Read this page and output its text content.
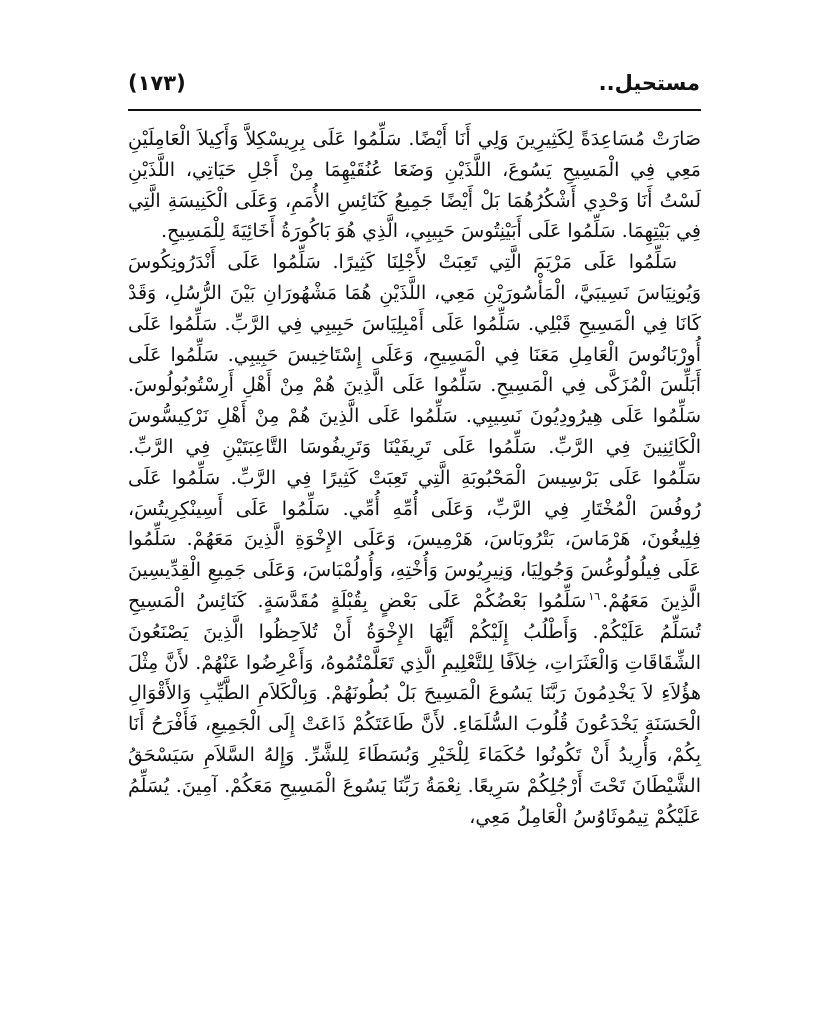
مستحيل..
(١٧٣)

صَارَتْ مُسَاعِدَةً لِكَثِيرِينَ وَلِي أَنَا أَيْضًا. سَلِّمُوا عَلَى بِرِيسْكِلاَّ وَأَكِيلاَ الْعَامِلَيْنِ مَعِي فِي الْمَسِيحِ يَسُوعَ، اللَّذَيْنِ وَضَعَا عُنُقَيْهِمَا مِنْ أَجْلِ حَيَاتِي، اللَّذَيْنِ لَسْتُ أَنَا وَحْدِي أَشْكُرُهُمَا بَلْ أَيْضًا جَمِيعُ كَنَائِسِ الأُمَمِ، وَعَلَى الْكَنِيسَةِ الَّتِي فِي بَيْتِهِمَا. سَلِّمُوا عَلَى أَبَيْنِتُوسَ حَبِيبِي، الَّذِي هُوَ بَاكُورَةُ أَخَائِيَةَ لِلْمَسِيحِ.

سَلِّمُوا عَلَى مَرْيَمَ الَّتِي تَعِبَتْ لأَجْلِنَا كَثِيرًا. سَلِّمُوا عَلَى أَنْدَرُونِكُوسَ وَيُونِيَاسَ نَسِيبَيَّ، الْمَأْسُورَيْنِ مَعِي، اللَّذَيْنِ هُمَا مَشْهُورَانِ بَيْنَ الرُّسُلِ، وَقَدْ كَانَا فِي الْمَسِيحِ قَبْلِي. سَلِّمُوا عَلَى أَمْبِلِيَاسَ حَبِيبِي فِي الرَّبِّ. سَلِّمُوا عَلَى أُورْبَانُوسَ الْعَامِلِ مَعَنَا فِي الْمَسِيحِ، وَعَلَى إِسْتَاخِيسَ حَبِيبِي. سَلِّمُوا عَلَى أَبَلِّسَ الْمُزَكَّى فِي الْمَسِيحِ. سَلِّمُوا عَلَى الَّذِينَ هُمْ مِنْ أَهْلِ أَرِسْتُوبُولُوسَ. سَلِّمُوا عَلَى هِيرُودِيُونَ نَسِيبِي. سَلِّمُوا عَلَى الَّذِينَ هُمْ مِنْ أَهْلِ نَرْكِيسُّوسَ الْكَائِنِينَ فِي الرَّبِّ. سَلِّمُوا عَلَى تَرِيفَيْنَا وَتَرِيفُوسَا التَّاعِبَتَيْنِ فِي الرَّبِّ. سَلِّمُوا عَلَى بَرْسِيسَ الْمَحْبُوبَةِ الَّتِي تَعِبَتْ كَثِيرًا فِي الرَّبِّ. سَلِّمُوا عَلَى رُوفُسَ الْمُخْتَارِ فِي الرَّبِّ، وَعَلَى أُمِّهِ أُمِّي. سَلِّمُوا عَلَى أَسِينْكِرِيتُسَ، فِلِيغُونَ، هَرْمَاسَ، بَتْرُوبَاسَ، هَرْمِيسَ، وَعَلَى الإِخْوَةِ الَّذِينَ مَعَهُمْ. سَلِّمُوا عَلَى فِيلُولُوغُسَ وَجُولِيَا، وَنِيرِيُوسَ وَأُخْتِهِ، وَأُولُمْبَاسَ، وَعَلَى جَمِيعِ الْقِدِّيسِينَ الَّذِينَ مَعَهُمْ.$^{١٦}$سَلِّمُوا بَعْضُكُمْ عَلَى بَعْضٍ بِقُبْلَةٍ مُقَدَّسَةٍ. كَنَائِسُ الْمَسِيحِ تُسَلِّمُ عَلَيْكُمْ. وَأَطْلُبُ إِلَيْكُمْ أَيُّهَا الإِخْوَةُ أَنْ تُلاَحِظُوا الَّذِينَ يَصْنَعُونَ الشِّقَاقَاتِ وَالْعَثَرَاتِ، خِلاَفًا لِلتَّعْلِيمِ الَّذِي تَعَلَّمْتُمُوهُ، وَأَعْرِضُوا عَنْهُمْ. لأَنَّ مِثْلَ هؤُلاَءِ لاَ يَخْدِمُونَ رَبَّنَا يَسُوعَ الْمَسِيحَ بَلْ بُطُونَهُمْ. وَبِالْكَلاَمِ الطَّيِّبِ وَالأَقْوَالِ الْحَسَنَةِ يَخْدَعُونَ قُلُوبَ السُّلَمَاءِ. لأَنَّ طَاعَتَكُمْ ذَاعَتْ إِلَى الْجَمِيعِ، فَأَفْرَحُ أَنَا بِكُمْ، وَأُرِيدُ أَنْ تَكُونُوا حُكَمَاءَ لِلْخَيْرِ وَبُسَطَاءَ لِلشَّرِّ. وَإِلهُ السَّلاَمِ سَيَسْحَقُ الشَّيْطَانَ تَحْتَ أَرْجُلِكُمْ سَرِيعًا. نِعْمَةُ رَبِّنَا يَسُوعَ الْمَسِيحِ مَعَكُمْ. آمِينَ. يُسَلِّمُ عَلَيْكُمْ تِيمُوثَاوُسُ الْعَامِلُ مَعِي،
